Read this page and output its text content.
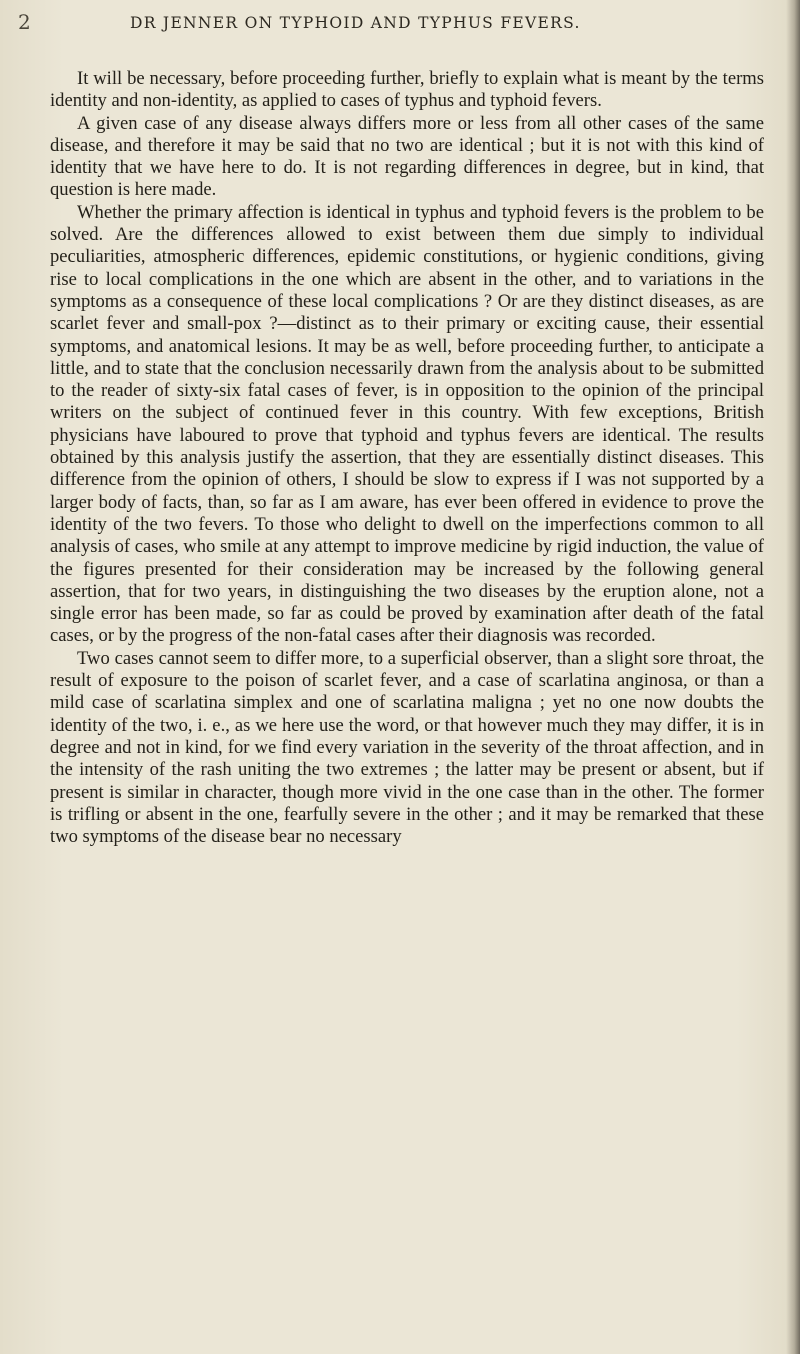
2	DR JENNER ON TYPHOID AND TYPHUS FEVERS.

It will be necessary, before proceeding further, briefly to explain what is meant by the terms identity and non-identity, as applied to cases of typhus and typhoid fevers.

A given case of any disease always differs more or less from all other cases of the same disease, and therefore it may be said that no two are identical ; but it is not with this kind of identity that we have here to do. It is not regarding differences in degree, but in kind, that question is here made.

Whether the primary affection is identical in typhus and typhoid fevers is the problem to be solved. Are the differences allowed to exist between them due simply to individual peculiarities, atmospheric differences, epidemic constitutions, or hygienic conditions, giving rise to local complications in the one which are absent in the other, and to variations in the symptoms as a consequence of these local complications ? Or are they distinct diseases, as are scarlet fever and small-pox ?—distinct as to their primary or exciting cause, their essential symptoms, and anatomical lesions. It may be as well, before proceeding further, to anticipate a little, and to state that the conclusion necessarily drawn from the analysis about to be submitted to the reader of sixty-six fatal cases of fever, is in opposition to the opinion of the principal writers on the subject of continued fever in this country. With few exceptions, British physicians have laboured to prove that typhoid and typhus fevers are identical. The results obtained by this analysis justify the assertion, that they are essentially distinct diseases. This difference from the opinion of others, I should be slow to express if I was not supported by a larger body of facts, than, so far as I am aware, has ever been offered in evidence to prove the identity of the two fevers. To those who delight to dwell on the imperfections common to all analysis of cases, who smile at any attempt to improve medicine by rigid induction, the value of the figures presented for their consideration may be increased by the following general assertion, that for two years, in distinguishing the two diseases by the eruption alone, not a single error has been made, so far as could be proved by examination after death of the fatal cases, or by the progress of the non-fatal cases after their diagnosis was recorded.

Two cases cannot seem to differ more, to a superficial observer, than a slight sore throat, the result of exposure to the poison of scarlet fever, and a case of scarlatina anginosa, or than a mild case of scarlatina simplex and one of scarlatina maligna ; yet no one now doubts the identity of the two, i. e., as we here use the word, or that however much they may differ, it is in degree and not in kind, for we find every variation in the severity of the throat affection, and in the intensity of the rash uniting the two extremes ; the latter may be present or absent, but if present is similar in character, though more vivid in the one case than in the other. The former is trifling or absent in the one, fearfully severe in the other ; and it may be remarked that these two symptoms of the disease bear no necessary
